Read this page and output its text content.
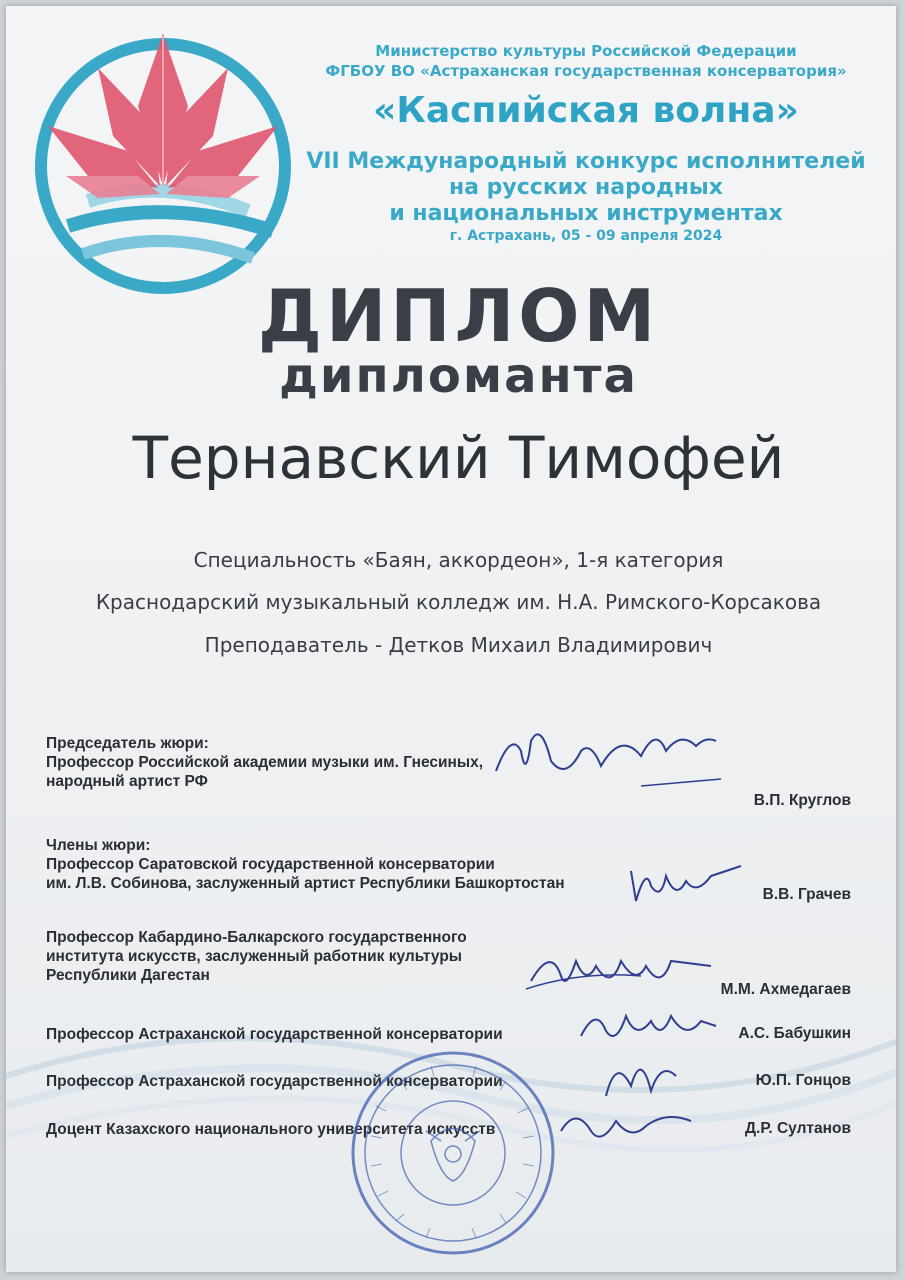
Министерство культуры Российской Федерации
ФГБОУ ВО «Астраханская государственная консерватория»
«Каспийская волна»
VII Международный конкурс исполнителей
на русских народных
и национальных инструментах
г. Астрахань, 05 - 09 апреля 2024
ДИПЛОМ
дипломанта
Тернавский Тимофей
Специальность «Баян, аккордеон», 1-я категория
Краснодарский музыкальный колледж им. Н.А. Римского-Корсакова
Преподаватель - Детков Михаил Владимирович
Председатель жюри:
Профессор Российской академии музыки им. Гнесиных,
народный артист РФ
В.П. Круглов
Члены жюри:
Профессор Саратовской государственной консерватории
им. Л.В. Собинова, заслуженный артист Республики Башкортостан
В.В. Грачев
Профессор Кабардино-Балкарского государственного
института искусств, заслуженный работник культуры
Республики Дагестан
М.М. Ахмедагаев
Профессор Астраханской государственной консерватории	А.С. Бабушкин
Профессор Астраханской государственной консерватории	Ю.П. Гонцов
Доцент Казахского национального университета искусств	Д.Р. Султанов
